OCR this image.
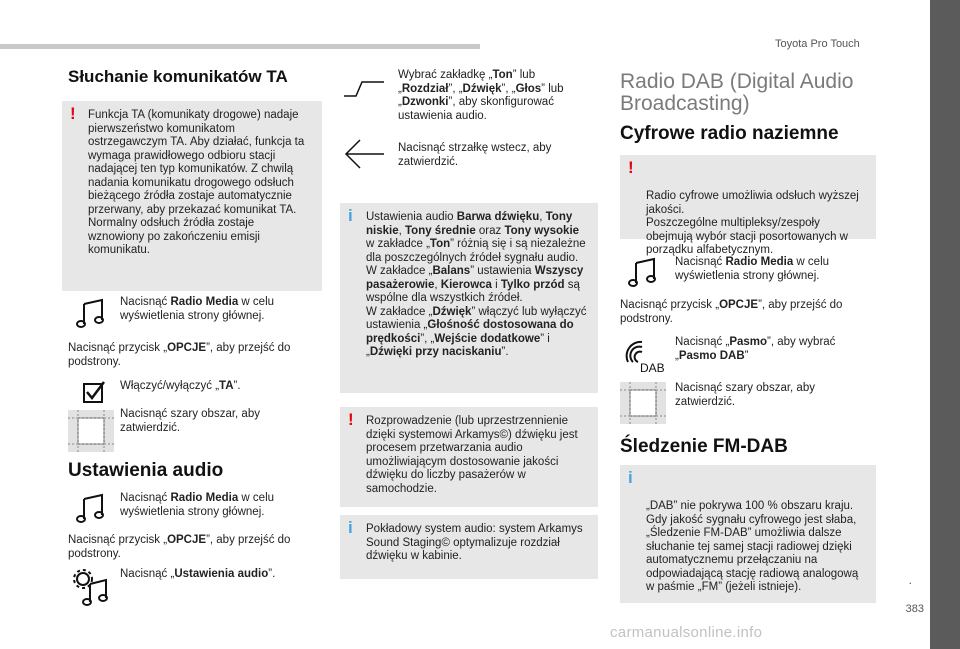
Toyota Pro Touch
.
383
carmanualsonline.info
Słuchanie komunikatów TA
! Funkcja TA (komunikaty drogowe) nadaje pierwszeństwo komunikatom ostrzegawczym TA. Aby działać, funkcja ta wymaga prawidłowego odbioru stacji nadającej ten typ komunikatów. Z chwilą nadania komunikatu drogowego odsłuch bieżącego źródła zostaje automatycznie przerwany, aby przekazać komunikat TA. Normalny odsłuch źródła zostaje wznowiony po zakończeniu emisji komunikatu.
Nacisnąć Radio Media w celu wyświetlenia strony głównej.
Nacisnąć przycisk „OPCJE”, aby przejść do podstrony.
Włączyć/wyłączyć „TA”.
Nacisnąć szary obszar, aby zatwierdzić.
Ustawienia audio
Nacisnąć Radio Media w celu wyświetlenia strony głównej.
Nacisnąć przycisk „OPCJE”, aby przejść do podstrony.
Nacisnąć „Ustawienia audio”.
Wybrać zakładkę „Ton” lub „Rozdział”, „Dźwięk”, „Głos” lub „Dzwonki”, aby skonfigurować ustawienia audio.
Nacisnąć strzałkę wstecz, aby zatwierdzić.
i Ustawienia audio Barwa dźwięku, Tony niskie, Tony średnie oraz Tony wysokie w zakładce „Ton” różnią się i są niezależne dla poszczególnych źródeł sygnału audio.
W zakładce „Balans” ustawienia Wszyscy pasażerowie, Kierowca i Tylko przód są wspólne dla wszystkich źródeł.
W zakładce „Dźwięk” włączyć lub wyłączyć ustawienia „Głośność dostosowana do prędkości”, „Wejście dodatkowe” i „Dźwięki przy naciskaniu”.
! Rozprowadzenie (lub uprzestrzennienie dzięki systemowi Arkamys©) dźwięku jest procesem przetwarzania audio umożliwiającym dostosowanie jakości dźwięku do liczby pasażerów w samochodzie.
i Pokładowy system audio: system Arkamys Sound Staging© optymalizuje rozdział dźwięku w kabinie.
Radio DAB (Digital Audio Broadcasting)
Cyfrowe radio naziemne

!

Radio cyfrowe umożliwia odsłuch wyższej jakości.
Poszczególne multipleksy/zespoły obejmują wybór stacji posortowanych w porządku alfabetycznym.

Nacisnąć Radio Media w celu wyświetlenia strony głównej.
Nacisnąć przycisk „OPCJE”, aby przejść do podstrony.
DAB
Nacisnąć „Pasmo”, aby wybrać „Pasmo DAB”
Nacisnąć szary obszar, aby zatwierdzić.
Śledzenie FM-DAB

i

„DAB” nie pokrywa 100 % obszaru kraju.
Gdy jakość sygnału cyfrowego jest słaba, „Śledzenie FM-DAB” umożliwia dalsze słuchanie tej samej stacji radiowej dzięki automatycznemu przełączaniu na odpowiadającą stację radiową analogową w paśmie „FM” (jeżeli istnieje).
